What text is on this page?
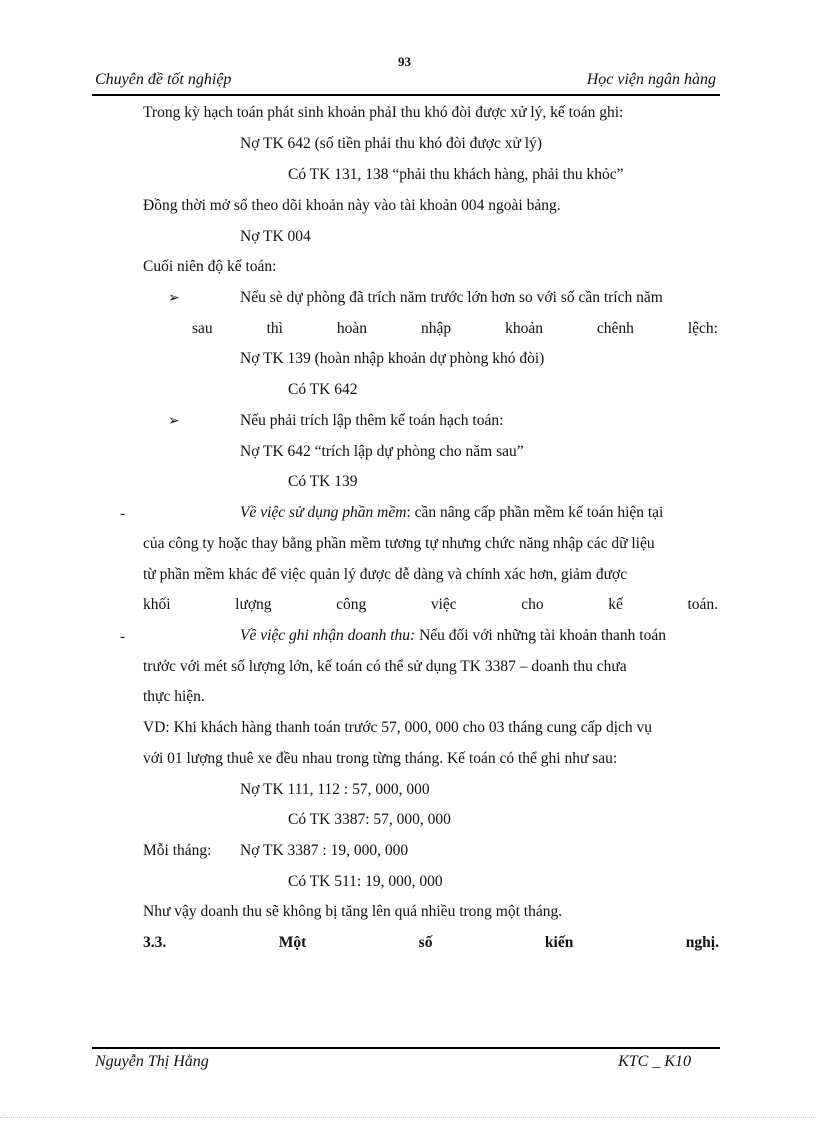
93
Chuyên đề tốt nghiệp	Học viện ngân hàng
Trong kỳ hạch toán phát sinh khoản phảI thu khó đòi được xử lý, kế toán ghi:
Nợ TK 642 (số tiền phải thu khó đòi được xử lý)
Có TK 131, 138 “phải thu khách hàng, phải thu khỏc”
Đồng thời mở sổ theo dõi khoản này vào tài khoản 004 ngoài bảng.
Nợ TK 004
Cuối niên độ kế toán:
➢	Nếu sè dự phòng đã trích năm trước lớn hơn so với số cần trích năm
sau	thì	hoàn	nhập	khoản	chênh	lệch:
Nợ TK 139 (hoàn nhập khoản dự phòng khó đòi)
Có TK 642
➢	Nếu phải trích lập thêm kế toán hạch toán:
Nợ TK 642 “trích lập dự phòng cho năm sau”
Có TK 139
-	Về việc sử dụng phần mềm: cần nâng cấp phần mềm kế toán hiện tại
của công ty hoặc thay bằng phần mềm tương tự nhưng chức năng nhập các dữ liệu
từ phần mềm khác để việc quản lý được dễ dàng và chính xác hơn, giảm được
khối	lượng	công	việc	cho	kế	toán.
-	Về việc ghi nhận doanh thu: Nếu đối với những tài khoản thanh toán
trước với mét số lượng lớn, kế toán có thể sử dụng TK 3387 – doanh thu chưa
thực hiện.
VD: Khi khách hàng thanh toán trước 57, 000, 000 cho 03 tháng cung cấp dịch vụ
với 01 lượng thuê xe đều nhau trong từng tháng. Kế toán có thể ghi như sau:
Nợ TK 111, 112 : 57, 000, 000
Có TK 3387: 57, 000, 000
Mỗi tháng: Nợ TK 3387 : 19, 000, 000
Có TK 511: 19, 000, 000
Như vậy doanh thu sẽ không bị tăng lên quá nhiều trong một tháng.
3.3.	Một	số	kiến	nghị.
Nguyễn Thị Hằng	KTC _ K10
